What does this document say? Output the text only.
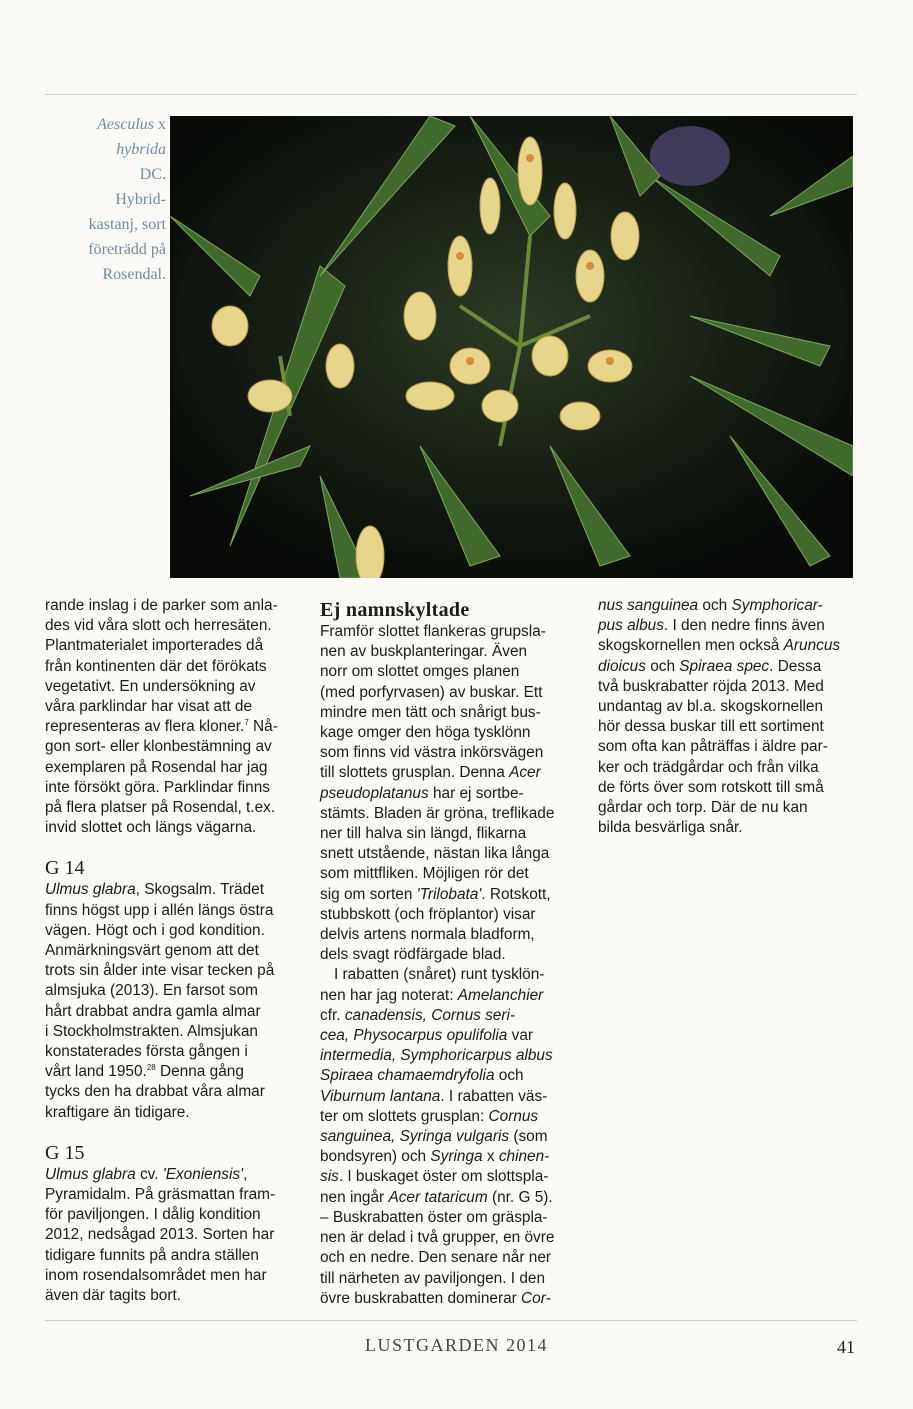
Aesculus x
hybrida DC.
Hybrid-
kastanj, sort
företrädd på
Rosendal.

rande inslag i de parker som anla-
des vid våra slott och herresäten.
Plantmaterialet importerades då
från kontinenten där det förökats
vegetativt. En undersökning av
våra parklindar har visat att de
representeras av flera kloner.$^7$ Nå-
gon sort- eller klonbestämning av
exemplaren på Rosendal har jag
inte försökt göra. Parklindar finns
på flera platser på Rosendal, t.ex.
invid slottet och längs vägarna.

G 14

Ulmus glabra, Skogsalm. Trädet
finns högst upp i allén längs östra
vägen. Högt och i god kondition.
Anmärkningsvärt genom att det
trots sin ålder inte visar tecken på
almsjuka (2013). En farsot som
hårt drabbat andra gamla almar
i Stockholmstrakten. Almsjukan
konstaterades första gången i
vårt land 1950.28 Denna gång
tycks den ha drabbat våra almar
kraftigare än tidigare.

G 15

Ulmus glabra cv. 'Exoniensis',
Pyramidalm. På gräsmattan fram-
för paviljongen. I dålig kondition
2012, nedsågad 2013. Sorten har
tidigare funnits på andra ställen
inom rosendalsområdet men har
även där tagits bort.

Ej namnskyltade

Framför slottet flankeras grupsla-
nen av buskplanteringar. Även
norr om slottet omges planen
(med porfyrvasen) av buskar. Ett
mindre men tätt och snårigt bus-
kage omger den höga tysklönn
som finns vid västra inkörsvägen
till slottets grusplan. Denna Acer
pseudoplatanus har ej sortbe-
stämts. Bladen är gröna, treflikade
ner till halva sin längd, flikarna
snett utstående, nästan lika långa
som mittfliken. Möjligen rör det
sig om sorten 'Trilobata'. Rotskott,
stubbskott (och fröplantor) visar
delvis artens normala bladform,
dels svagt rödfärgade blad.

I rabatten (snåret) runt tysklön-
nen har jag noterat: Amelanchier
cfr. canadensis, Cornus seri-
cea, Physocarpus opulifolia var
intermedia, Symphoricarpus albus
Spiraea chamaemdryfolia och
Viburnum lantana. I rabatten väs-
ter om slottets grusplan: Cornus
sanguinea, Syringa vulgaris (som
bondsyren) och Syringa x chinen-
sis. I buskaget öster om slottspla-
nen ingår Acer tataricum (nr. G 5).
– Buskrabatten öster om gräspla-
nen är delad i två grupper, en övre
och en nedre. Den senare når ner
till närheten av paviljongen. I den
övre buskrabatten dominerar Cor-

nus sanguinea och Symphoricar-
pus albus. I den nedre finns även
skogskornellen men också Aruncus
dioicus och Spiraea spec. Dessa
två buskrabatter röjda 2013. Med
undantag av bl.a. skogskornellen
hör dessa buskar till ett sortiment
som ofta kan påträffas i äldre par-
ker och trädgårdar och från vilka
de förts över som rotskott till små
gårdar och torp. Där de nu kan
bilda besvärliga snår.

LUSTGARDEN 2014	41
